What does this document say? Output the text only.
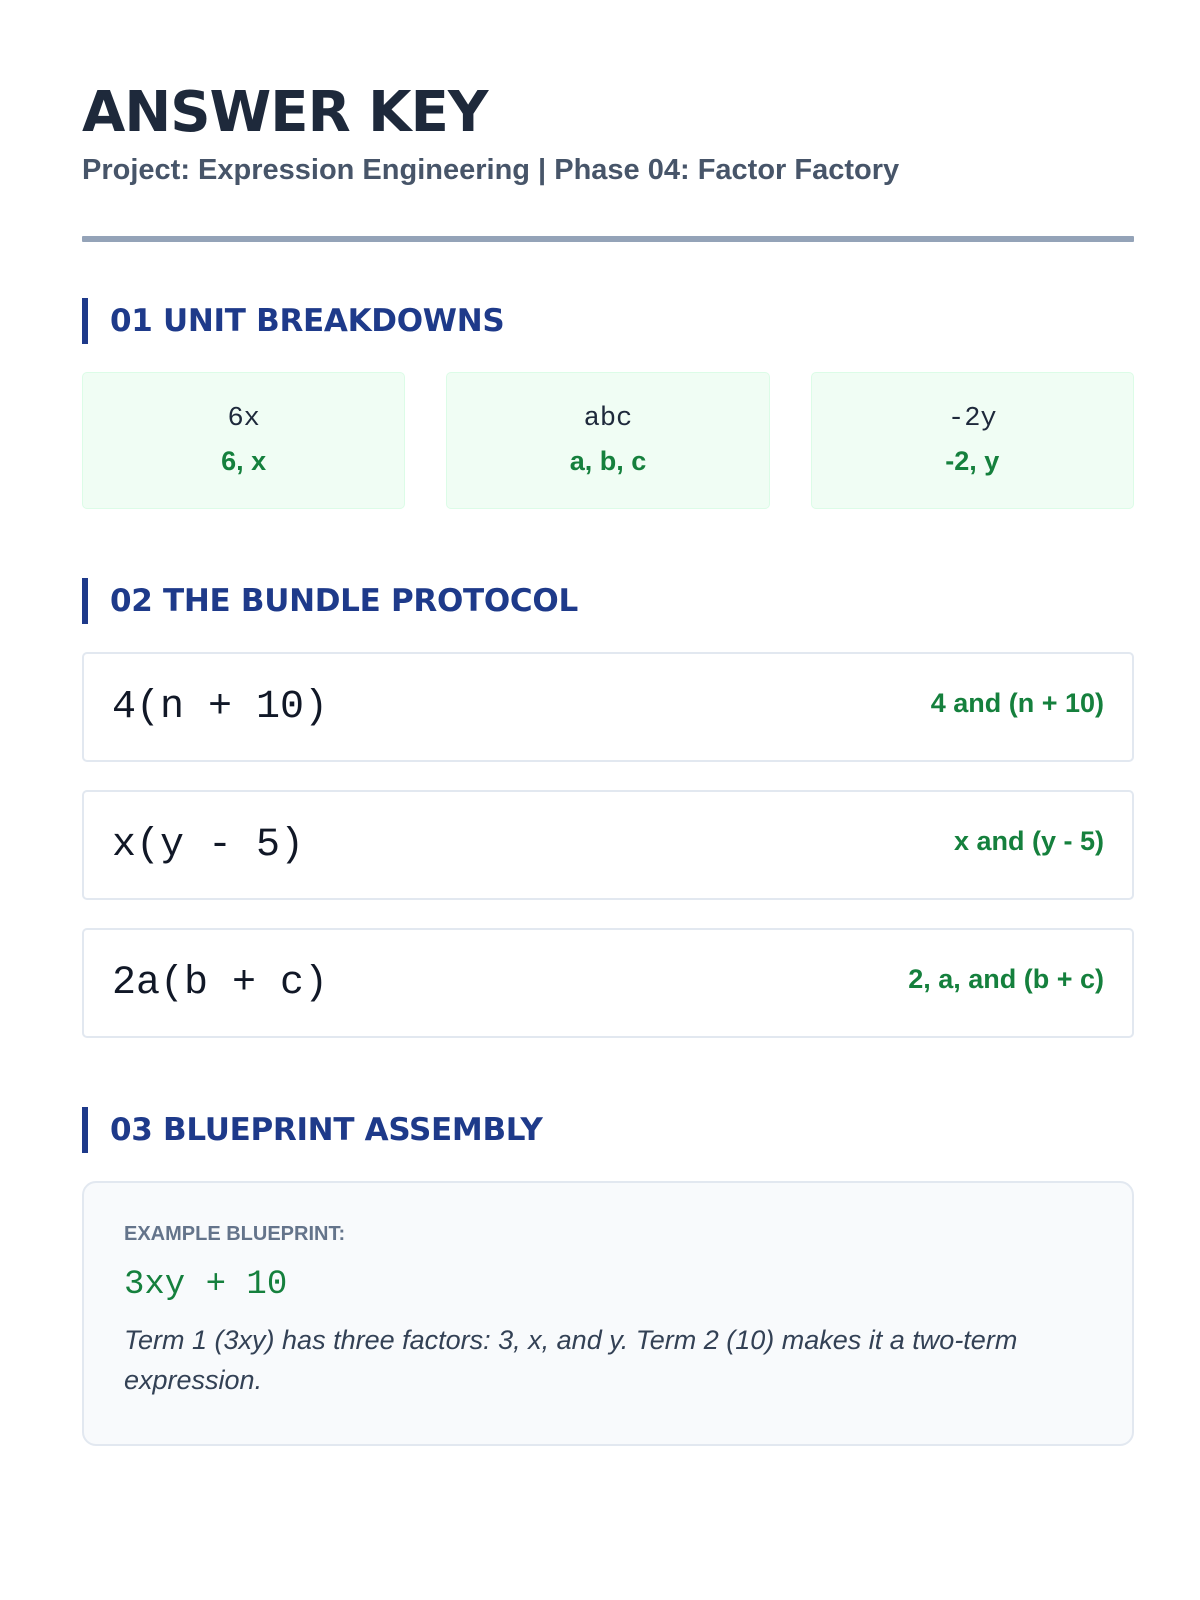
ANSWER KEY
Project: Expression Engineering | Phase 04: Factor Factory
01 UNIT BREAKDOWNS
6x
6, x
abc
a, b, c
-2y
-2, y
02 THE BUNDLE PROTOCOL
4(n + 10)	4 and (n + 10)
x(y - 5)	x and (y - 5)
2a(b + c)	2, a, and (b + c)
03 BLUEPRINT ASSEMBLY
EXAMPLE BLUEPRINT:
3xy + 10
Term 1 (3xy) has three factors: 3, x, and y. Term 2 (10) makes it a two-term expression.
